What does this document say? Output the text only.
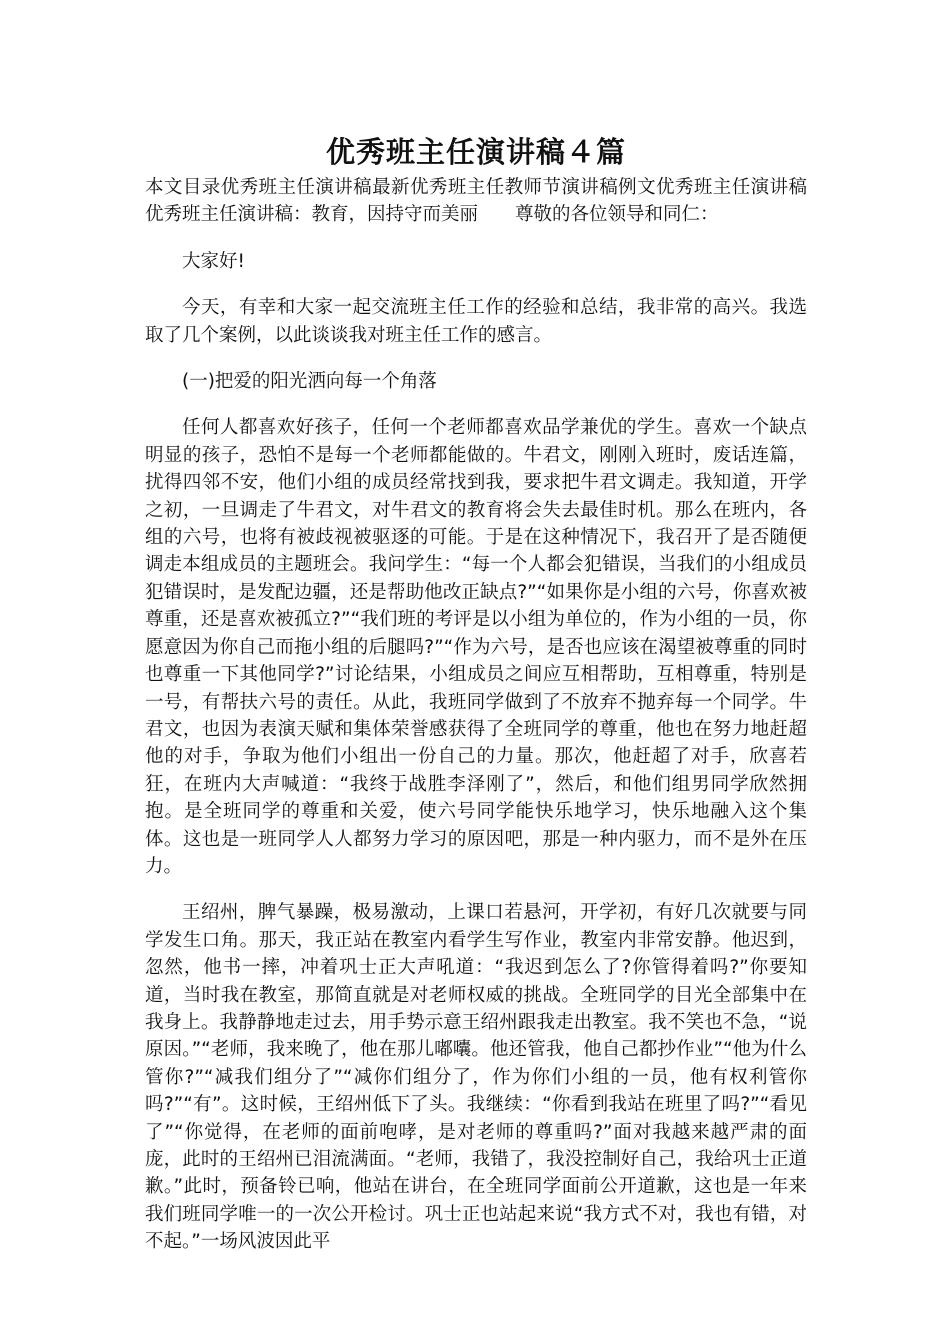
优秀班主任演讲稿４篇

本文目录优秀班主任演讲稿最新优秀班主任教师节演讲稿例文优秀班主任演讲稿优秀班主任演讲稿：教育，因持守而美丽　　尊敬的各位领导和同仁：

大家好!

今天，有幸和大家一起交流班主任工作的经验和总结，我非常的高兴。我选取了几个案例，以此谈谈我对班主任工作的感言。

(一)把爱的阳光洒向每一个角落

任何人都喜欢好孩子，任何一个老师都喜欢品学兼优的学生。喜欢一个缺点明显的孩子，恐怕不是每一个老师都能做的。牛君文，刚刚入班时，废话连篇，扰得四邻不安，他们小组的成员经常找到我，要求把牛君文调走。我知道，开学之初，一旦调走了牛君文，对牛君文的教育将会失去最佳时机。那么在班内，各组的六号，也将有被歧视被驱逐的可能。于是在这种情况下，我召开了是否随便调走本组成员的主题班会。我问学生：“每一个人都会犯错误，当我们的小组成员犯错误时，是发配边疆，还是帮助他改正缺点?”“如果你是小组的六号，你喜欢被尊重，还是喜欢被孤立?”“我们班的考评是以小组为单位的，作为小组的一员，你愿意因为你自己而拖小组的后腿吗?”“作为六号，是否也应该在渴望被尊重的同时也尊重一下其他同学?”讨论结果，小组成员之间应互相帮助，互相尊重，特别是一号，有帮扶六号的责任。从此，我班同学做到了不放弃不抛弃每一个同学。牛君文，也因为表演天赋和集体荣誉感获得了全班同学的尊重，他也在努力地赶超他的对手，争取为他们小组出一份自己的力量。那次，他赶超了对手，欣喜若狂，在班内大声喊道：“我终于战胜李泽刚了”，然后，和他们组男同学欣然拥抱。是全班同学的尊重和关爱，使六号同学能快乐地学习，快乐地融入这个集体。这也是一班同学人人都努力学习的原因吧，那是一种内驱力，而不是外在压力。

王绍州，脾气暴躁，极易激动，上课口若悬河，开学初，有好几次就要与同学发生口角。那天，我正站在教室内看学生写作业，教室内非常安静。他迟到，忽然，他书一摔，冲着巩士正大声吼道：“我迟到怎么了?你管得着吗?”你要知道，当时我在教室，那简直就是对老师权威的挑战。全班同学的目光全部集中在我身上。我静静地走过去，用手势示意王绍州跟我走出教室。我不笑也不急，“说原因。”“老师，我来晚了，他在那儿嘟囔。他还管我，他自己都抄作业”“他为什么管你?”“减我们组分了”“减你们组分了，作为你们小组的一员，他有权利管你吗?”“有”。这时候，王绍州低下了头。我继续：“你看到我站在班里了吗?”“看见了”“你觉得，在老师的面前咆哮，是对老师的尊重吗?”面对我越来越严肃的面庞，此时的王绍州已泪流满面。“老师，我错了，我没控制好自己，我给巩士正道歉。”此时，预备铃已响，他站在讲台，在全班同学面前公开道歉，这也是一年来我们班同学唯一的一次公开检讨。巩士正也站起来说“我方式不对，我也有错，对不起。”一场风波因此平
